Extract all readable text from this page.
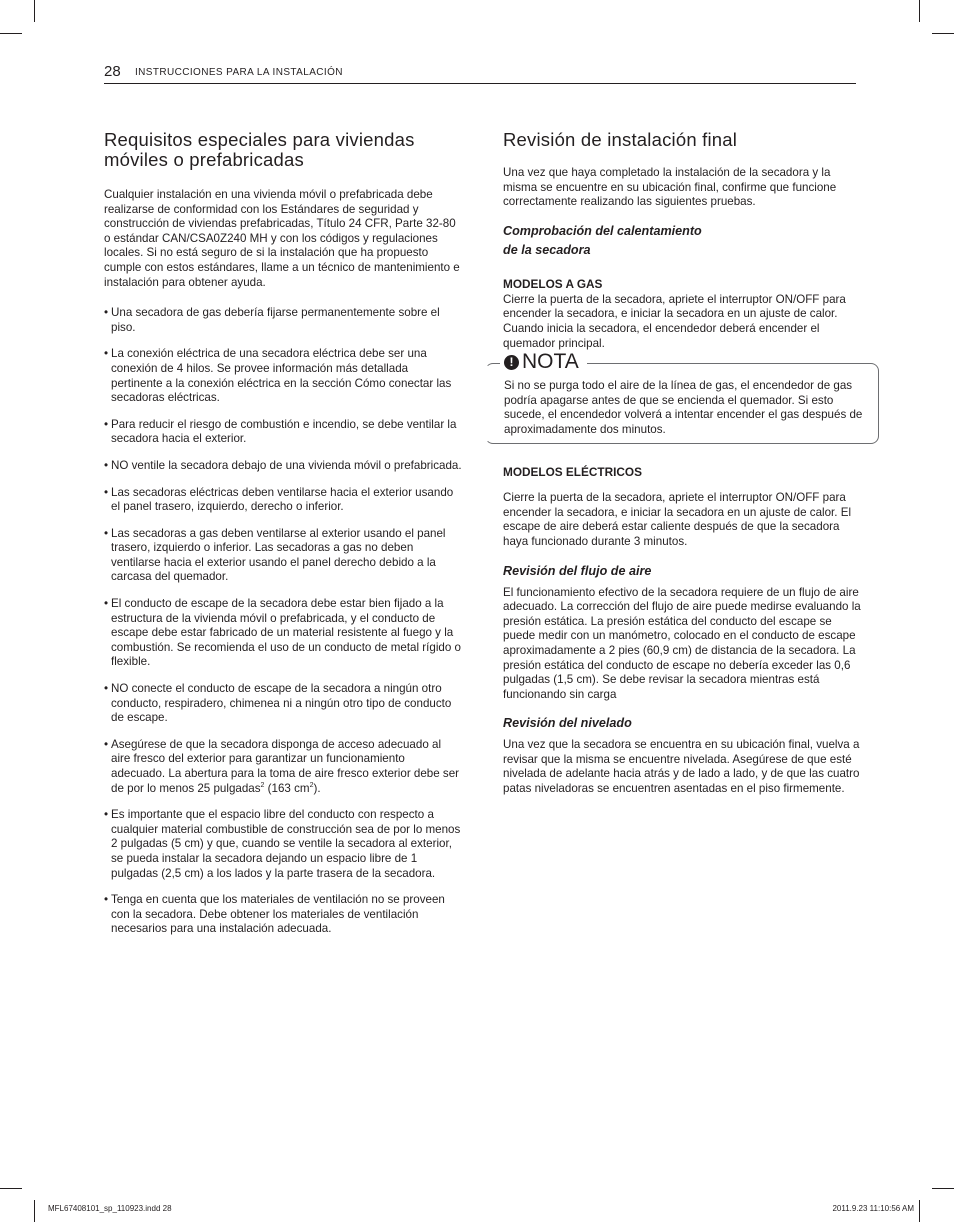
28 INSTRUCCIONES PARA LA INSTALACIÓN
Requisitos especiales para viviendas móviles o prefabricadas

Cualquier instalación en una vivienda móvil o prefabricada debe realizarse de conformidad con los Estándares de seguridad y construcción de viviendas prefabricadas, Título 24 CFR, Parte 32-80 o estándar CAN/CSA0Z240 MH y con los códigos y regulaciones locales. Si no está seguro de si la instalación que ha propuesto cumple con estos estándares, llame a un técnico de mantenimiento e instalación para obtener ayuda.

• Una secadora de gas debería fijarse permanentemente sobre el piso.
• La conexión eléctrica de una secadora eléctrica debe ser una conexión de 4 hilos. Se provee información más detallada pertinente a la conexión eléctrica en la sección Cómo conectar las secadoras eléctricas.
• Para reducir el riesgo de combustión e incendio, se debe ventilar la secadora hacia el exterior.
• NO ventile la secadora debajo de una vivienda móvil o prefabricada.
• Las secadoras eléctricas deben ventilarse hacia el exterior usando el panel trasero, izquierdo, derecho o inferior.
• Las secadoras a gas deben ventilarse al exterior usando el panel trasero, izquierdo o inferior. Las secadoras a gas no deben ventilarse hacia el exterior usando el panel derecho debido a la carcasa del quemador.
• El conducto de escape de la secadora debe estar bien fijado a la estructura de la vivienda móvil o prefabricada, y el conducto de escape debe estar fabricado de un material resistente al fuego y la combustión. Se recomienda el uso de un conducto de metal rígido o flexible.
• NO conecte el conducto de escape de la secadora a ningún otro conducto, respiradero, chimenea ni a ningún otro tipo de conducto de escape.
• Asegúrese de que la secadora disponga de acceso adecuado al aire fresco del exterior para garantizar un funcionamiento adecuado. La abertura para la toma de aire fresco exterior debe ser de por lo menos 25 pulgadas$^2$ (163 $cm^2$).
• Es importante que el espacio libre del conducto con respecto a cualquier material combustible de construcción sea de por lo menos 2 pulgadas (5 cm) y que, cuando se ventile la secadora al exterior, se pueda instalar la secadora dejando un espacio libre de 1 pulgadas (2,5 cm) a los lados y la parte trasera de la secadora.
• Tenga en cuenta que los materiales de ventilación no se proveen con la secadora. Debe obtener los materiales de ventilación necesarios para una instalación adecuada.
Revisión de instalación final

Una vez que haya completado la instalación de la secadora y la misma se encuentre en su ubicación final, confirme que funcione correctamente realizando las siguientes pruebas.

Comprobación del calentamiento
de la secadora
MODELOS A GAS

Cierre la puerta de la secadora, apriete el interruptor ON/OFF para encender la secadora, e iniciar la secadora en un ajuste de calor. Cuando inicia la secadora, el encendedor deberá encender el quemador principal.

! NOTA

Si no se purga todo el aire de la línea de gas, el encendedor de gas podría apagarse antes de que se encienda el quemador. Si esto sucede, el encendedor volverá a intentar encender el gas después de aproximadamente dos minutos.

MODELOS ELÉCTRICOS

Cierre la puerta de la secadora, apriete el interruptor ON/OFF para encender la secadora, e iniciar la secadora en un ajuste de calor. El escape de aire deberá estar caliente después de que la secadora haya funcionado durante 3 minutos.

Revisión del flujo de aire

El funcionamiento efectivo de la secadora requiere de un flujo de aire adecuado. La corrección del flujo de aire puede medirse evaluando la presión estática. La presión estática del conducto del escape se puede medir con un manómetro, colocado en el conducto de escape aproximadamente a 2 pies (60,9 cm) de distancia de la secadora. La presión estática del conducto de escape no debería exceder las 0,6 pulgadas (1,5 cm). Se debe revisar la secadora mientras está funcionando sin carga

Revisión del nivelado

Una vez que la secadora se encuentra en su ubicación final, vuelva a revisar que la misma se encuentre nivelada. Asegúrese de que esté nivelada de adelante hacia atrás y de lado a lado, y de que las cuatro patas niveladoras se encuentren asentadas en el piso firmemente.

MFL67408101_sp_110923.indd 28	2011.9.23 11:10:56 AM
